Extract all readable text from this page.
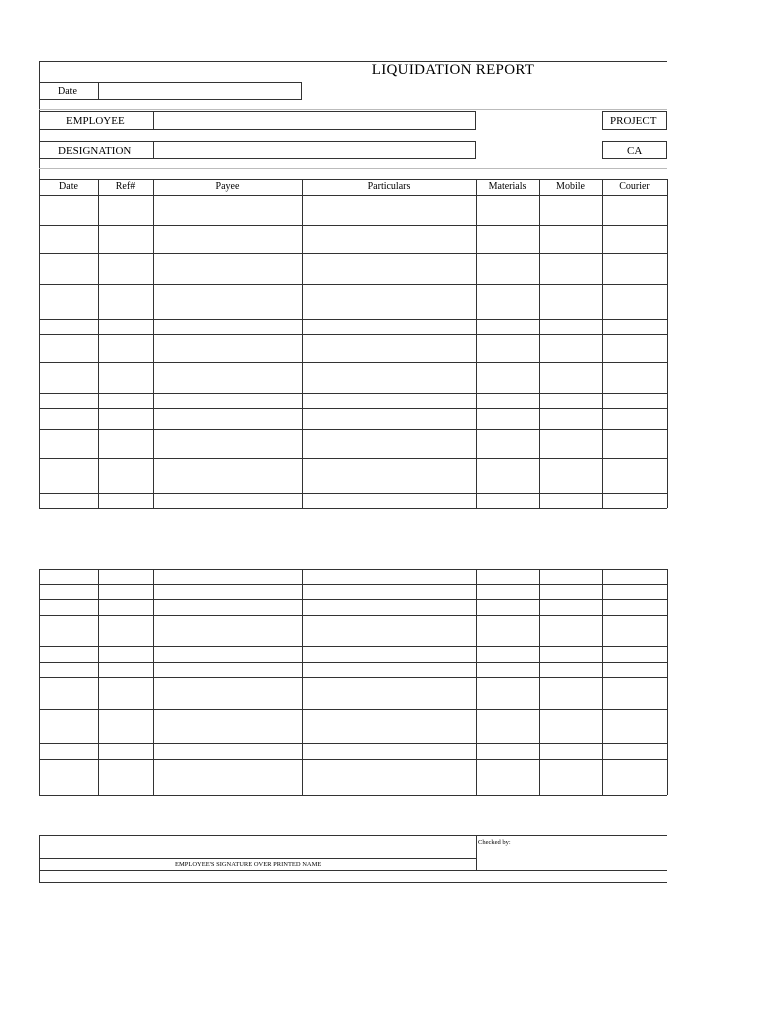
LIQUIDATION REPORT
Date
EMPLOYEE	PROJECT
DESIGNATION	CA
Date	Ref#	Payee	Particulars	Materials	Mobile	Courier
Checked by:
EMPLOYEE'S SIGNATURE OVER PRINTED NAME
